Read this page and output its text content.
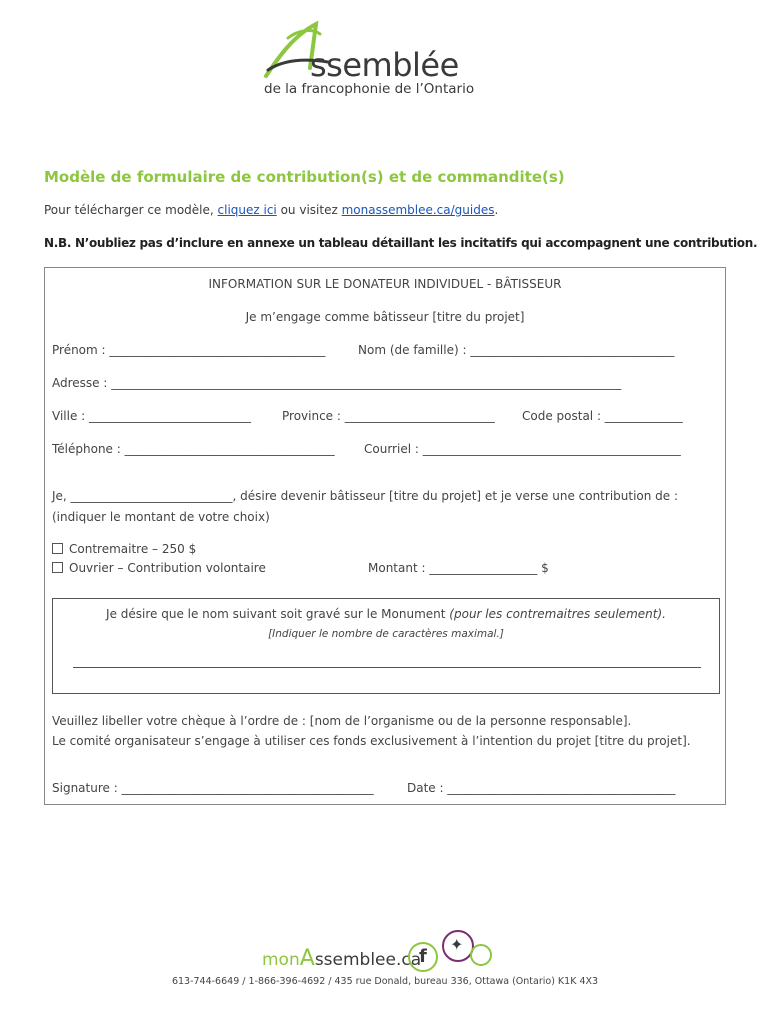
ssemblée
de la francophonie de l’Ontario
Modèle de formulaire de contribution(s) et de commandite(s)
Pour télécharger ce modèle, cliquez ici ou visitez monassemblee.ca/guides.
N.B. N’oubliez pas d’inclure en annexe un tableau détaillant les incitatifs qui accompagnent une contribution.
INFORMATION SUR LE DONATEUR INDIVIDUEL - BÂTISSEUR
Je m’engage comme bâtisseur [titre du projet]
Prénom : ____________________________________	Nom (de famille) : __________________________________
Adresse : _____________________________________________________________________________________
Ville : ___________________________	Province : _________________________ Code postal : _____________
Téléphone : ___________________________________ Courriel : ___________________________________________
Je, ___________________________, désire devenir bâtisseur [titre du projet] et je verse une contribution de :
(indiquer le montant de votre choix)
Contremaitre – 250 $
Ouvrier – Contribution volontaire	Montant : __________________ $
Je désire que le nom suivant soit gravé sur le Monument (pour les contremaitres seulement).
[Indiquer le nombre de caractères maximal.]
Veuillez libeller votre chèque à l’ordre de : [nom de l’organisme ou de la personne responsable].
Le comité organisateur s’engage à utiliser ces fonds exclusivement à l’intention du projet [titre du projet].
Signature : __________________________________________	Date : ______________________________________
monAssemblee.ca
f
✦
613-744-6649 / 1-866-396-4692 / 435 rue Donald, bureau 336, Ottawa (Ontario) K1K 4X3
